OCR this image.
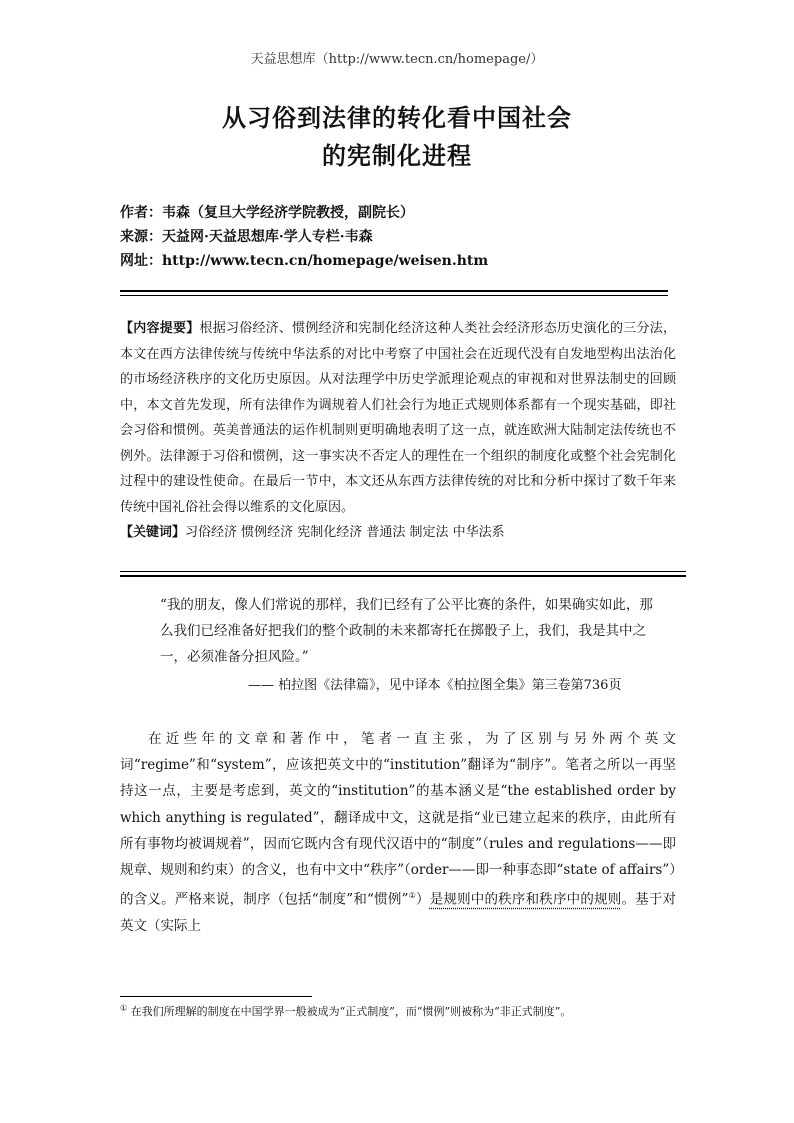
天益思想库（http://www.tecn.cn/homepage/）
从习俗到法律的转化看中国社会
的宪制化进程
作者：韦森（复旦大学经济学院教授，副院长）
来源：天益网·天益思想库·学人专栏·韦森
网址：http://www.tecn.cn/homepage/weisen.htm

【内容提要】根据习俗经济、惯例经济和宪制化经济这种人类社会经济形态历史演化的三分法，本文在西方法律传统与传统中华法系的对比中考察了中国社会在近现代没有自发地型构出法治化的市场经济秩序的文化历史原因。从对法理学中历史学派理论观点的审视和对世界法制史的回顾中，本文首先发现，所有法律作为调规着人们社会行为地正式规则体系都有一个现实基础，即社会习俗和惯例。英美普通法的运作机制则更明确地表明了这一点，就连欧洲大陆制定法传统也不例外。法律源于习俗和惯例，这一事实决不否定人的理性在一个组织的制度化或整个社会宪制化过程中的建设性使命。在最后一节中，本文还从东西方法律传统的对比和分析中探讨了数千年来传统中国礼俗社会得以维系的文化原因。

【关键词】习俗经济 惯例经济 宪制化经济 普通法 制定法 中华法系

“我的朋友，像人们常说的那样，我们已经有了公平比赛的条件，如果确实如此，那么我们已经准备好把我们的整个政制的未来都寄托在掷骰子上，我们，我是其中之一，必须准备分担风险。”

—— 柏拉图《法律篇》，见中译本《柏拉图全集》第三卷第736页

在近些年的文章和著作中，笔者一直主张，为了区别与另外两个英文词“regime”和“system”，应该把英文中的“institution”翻译为“制序”。笔者之所以一再坚持这一点，主要是考虑到，英文的“institution”的基本涵义是“the established order by which anything is regulated”，翻译成中文，这就是指“业已建立起来的秩序，由此所有所有事物均被调规着”，因而它既内含有现代汉语中的“制度”（rules and regulations——即规章、规则和约束）的含义，也有中文中“秩序”（order——即一种事态即“state of affairs”）的含义。严格来说，制序（包括“制度”和“惯例”①）是规则中的秩序和秩序中的规则。基于对英文（实际上

① 在我们所理解的制度在中国学界一般被成为“正式制度”，而“惯例”则被称为“非正式制度”。
